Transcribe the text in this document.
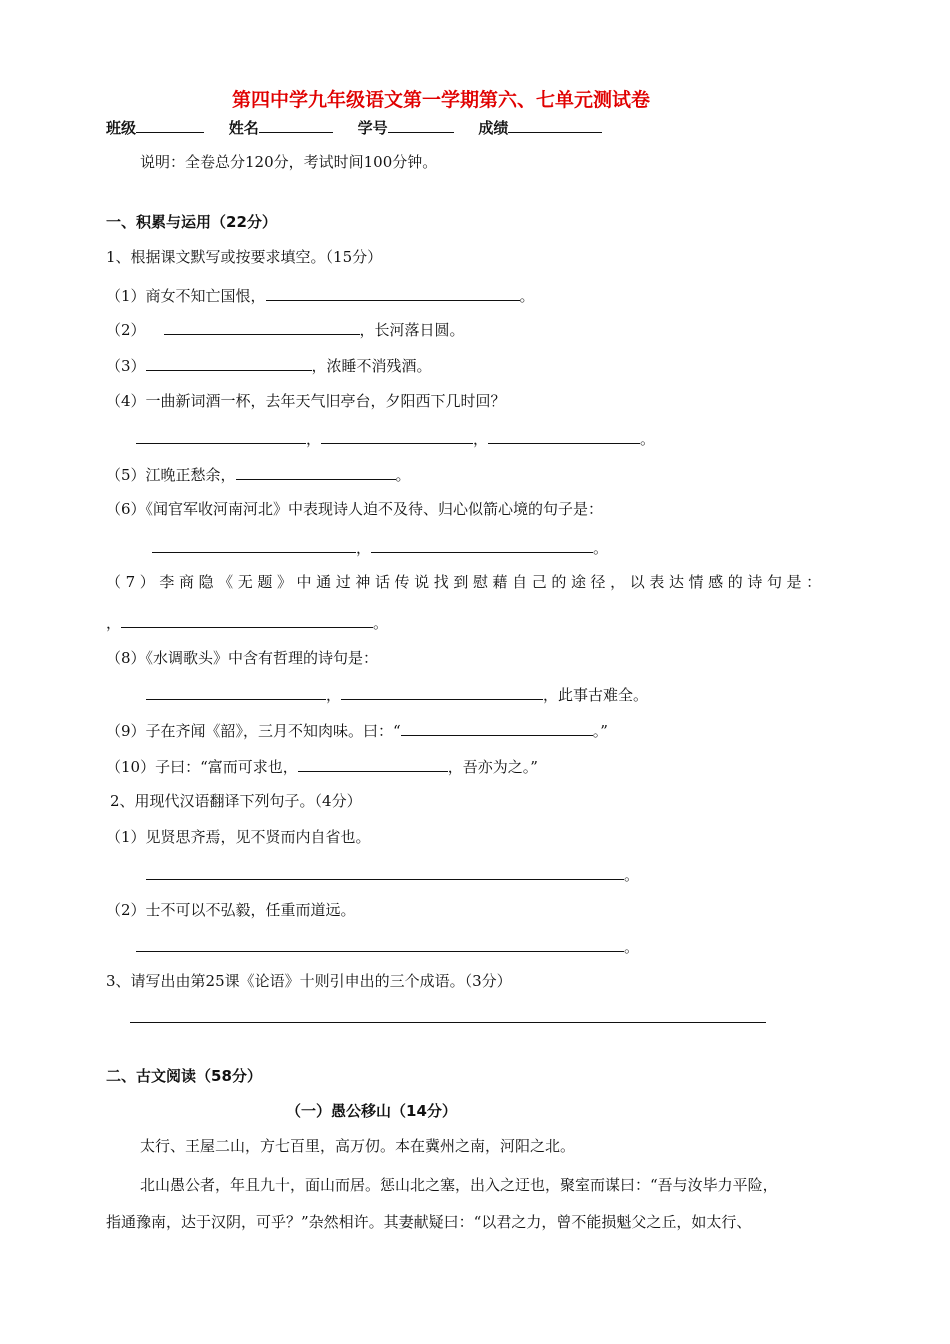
第四中学九年级语文第一学期第六、七单元测试卷
班级	姓名	学号	成绩
说明：全卷总分120分，考试时间100分钟。
一、积累与运用（22分）
1、根据课文默写或按要求填空。（15分）
（1）商女不知亡国恨，	。
（2）	，长河落日圆。
（3）	，浓睡不消残酒。
（4）一曲新词酒一杯，去年天气旧亭台，夕阳西下几时回？
，	，	。
（5）江晚正愁余，	。
（6）《闻官军收河南河北》中表现诗人迫不及待、归心似箭心境的句子是：
，	。
（7）李商隐《无题》中通过神话传说找到慰藉自己的途径，以表达情感的诗句是：
，	。
（8）《水调歌头》中含有哲理的诗句是：
，	，此事古难全。
（9）子在齐闻《韶》，三月不知肉味。曰：“	。”
（10）子曰：“富而可求也，	，吾亦为之。”
2、用现代汉语翻译下列句子。（4分）
（1）见贤思齐焉，见不贤而内自省也。
。
（2）士不可以不弘毅，任重而道远。
。
3、请写出由第25课《论语》十则引申出的三个成语。（3分）
二、古文阅读（58分）
（一）愚公移山（14分）
太行、王屋二山，方七百里，高万仞。本在冀州之南，河阳之北。
北山愚公者，年且九十，面山而居。惩山北之塞，出入之迂也，聚室而谋曰：“吾与汝毕力平险，
指通豫南，达于汉阴，可乎？”杂然相许。其妻献疑曰：“以君之力，曾不能损魁父之丘，如太行、
